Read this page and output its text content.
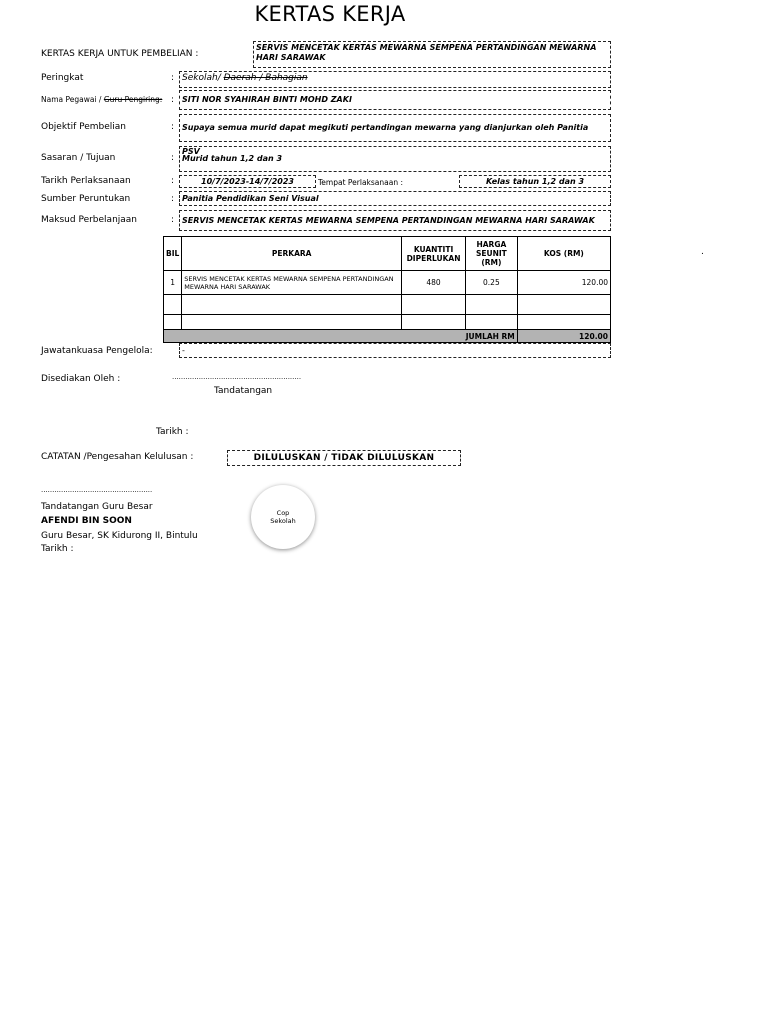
KERTAS KERJA
KERTAS KERJA UNTUK PEMBELIAN :
SERVIS MENCETAK KERTAS MEWARNA SEMPENA PERTANDINGAN MEWARNA HARI SARAWAK
Peringkat	: Sekolah/ Daerah / Bahagian
Nama Pegawai / Guru Pengiring: : SITI NOR SYAHIRAH BINTI MOHD ZAKI
Objektif Pembelian	: Supaya semua murid dapat megikuti pertandingan mewarna yang dianjurkan oleh Panitia PSV
Sasaran / Tujuan	: Murid tahun 1,2 dan 3
Tarikh Perlaksanaan	:	10/7/2023-14/7/2023	Tempat Perlaksanaan :	Kelas tahun 1,2 dan 3
Sumber Peruntukan	: Panitia Pendidikan Seni Visual
Maksud Perbelanjaan	: SERVIS MENCETAK KERTAS MEWARNA SEMPENA PERTANDINGAN MEWARNA HARI SARAWAK
BIL	PERKARA	KUANTITI DIPERLUKAN	HARGA SEUNIT (RM)	KOS (RM)
1	SERVIS MENCETAK KERTAS MEWARNA SEMPENA PERTANDINGAN MEWARNA HARI SARAWAK	480	0.25	120.00

JUMLAH RM				120.00
.
Jawatankuasa Pengelola:	-
Disediakan Oleh :	..........................................................
Tandatangan
Tarikh :
CATATAN /Pengesahan Kelulusan :	DILULUSKAN / TIDAK DILULUSKAN
..................................................
Tandatangan Guru Besar
AFENDI BIN SOON
Guru Besar, SK Kidurong II, Bintulu
Tarikh :
Cop
Sekolah
